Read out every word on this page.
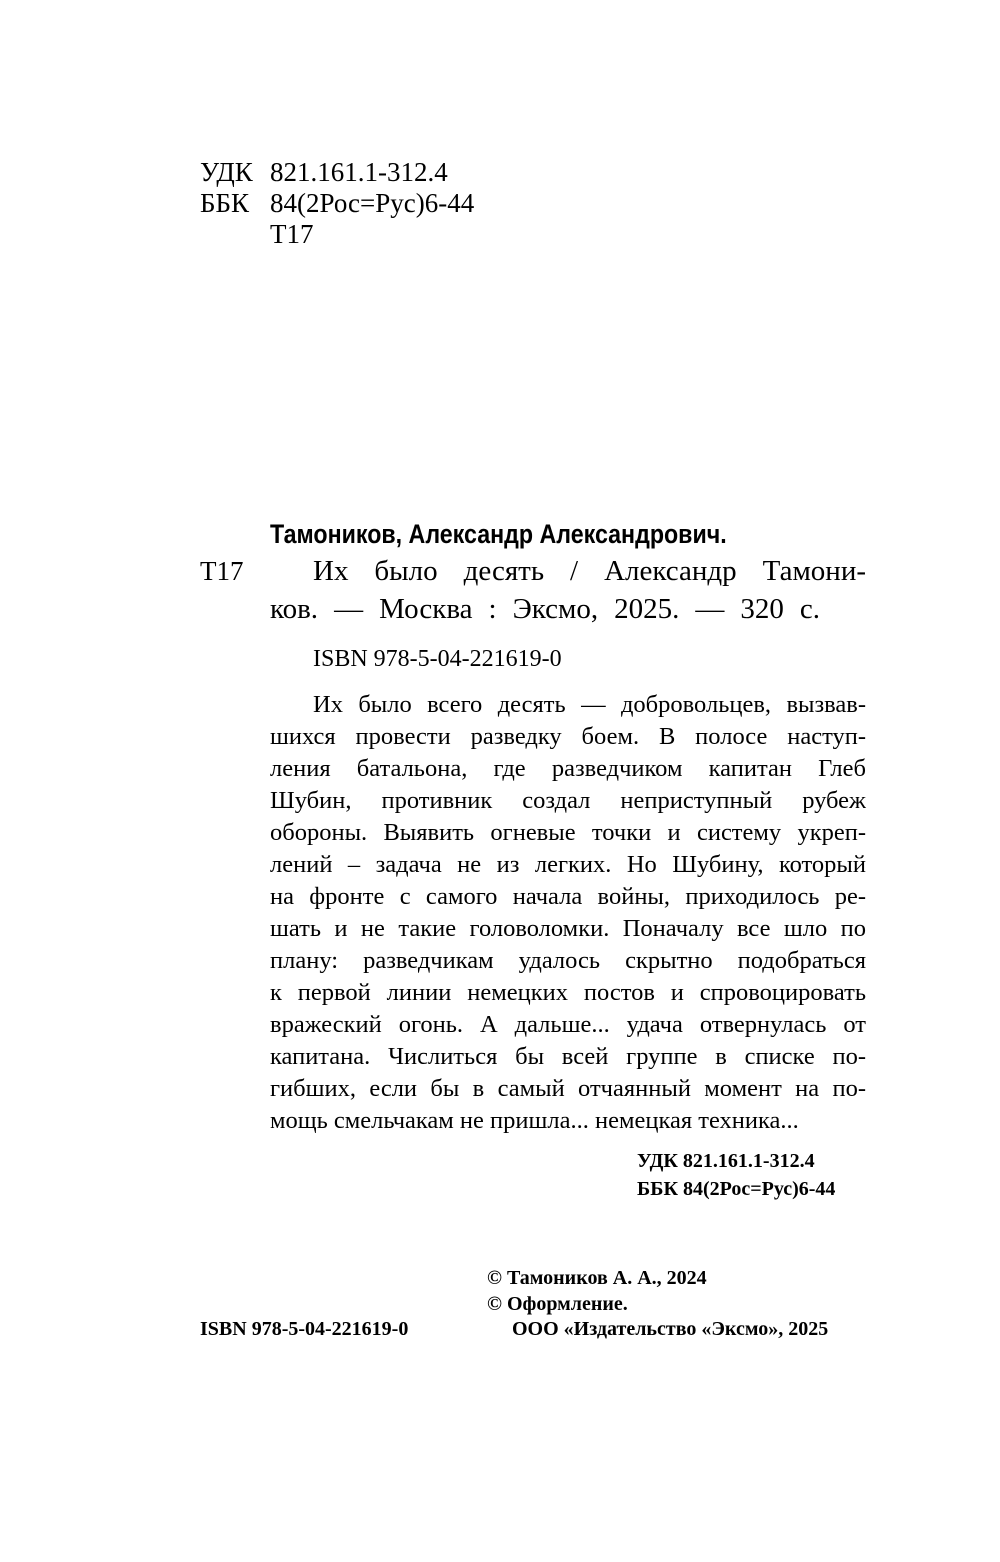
УДК 821.161.1-312.4
ББК 84(2Рос=Рус)6-44
Т17
Тамоников, Александр Александрович.
Т17 Их было десять / Александр Тамони-
ков. — Москва : Эксмо, 2025. — 320 с.
ISBN 978-5-04-221619-0
Их было всего десять — добровольцев, вызвав-
шихся провести разведку боем. В полосе наступ-
ления батальона, где разведчиком капитан Глеб
Шубин, противник создал неприступный рубеж
обороны. Выявить огневые точки и систему укреп-
лений – задача не из легких. Но Шубину, который
на фронте с самого начала войны, приходилось ре-
шать и не такие головоломки. Поначалу все шло по
плану: разведчикам удалось скрытно подобраться
к первой линии немецких постов и спровоцировать
вражеский огонь. А дальше... удача отвернулась от
капитана. Числиться бы всей группе в списке по-
гибших, если бы в самый отчаянный момент на по-
мощь смельчакам не пришла... немецкая техника...
УДК 821.161.1-312.4
ББК 84(2Рос=Рус)6-44
© Тамоников А. А., 2024
© Оформление.
ISBN 978-5-04-221619-0	ООО «Издательство «Эксмо», 2025
